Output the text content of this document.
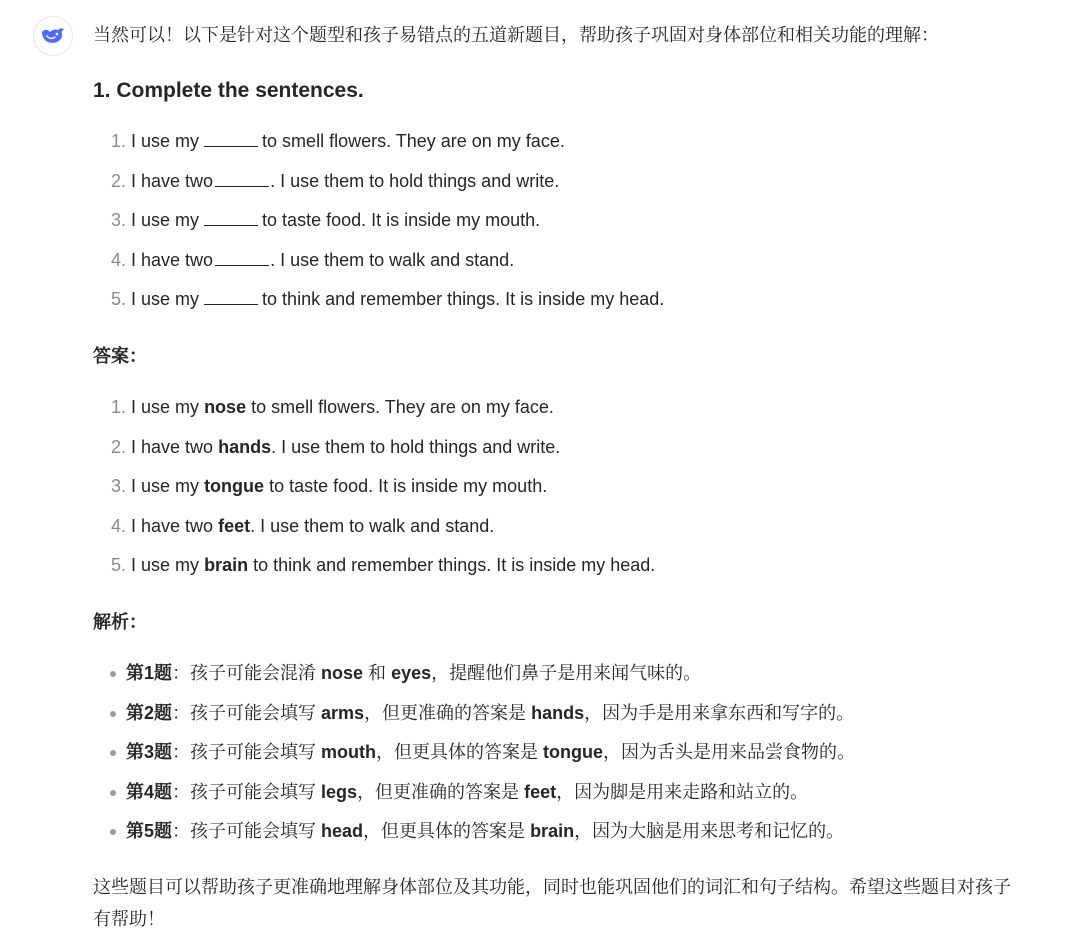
当然可以！以下是针对这个题型和孩子易错点的五道新题目，帮助孩子巩固对身体部位和相关功能的理解：

1. Complete the sentences.
1 . I use my	to smell flowers. They are on my face.
2 . I have two	. I use them to hold things and write.
3 . I use my	to taste food. It is inside my mouth.
4 . I have two	. I use them to walk and stand.
5 . I use my	to think and remember things. It is inside my head.
答案：
1 . I use my nose to smell flowers. They are on my face.
2 . I have two hands. I use them to hold things and write.
3 . I use my tongue to taste food. It is inside my mouth.
4 . I have two feet. I use them to walk and stand.
5 . I use my brain to think and remember things. It is inside my head.
解析：
第1题：孩子可能会混淆 nose 和 eyes，提醒他们鼻子是用来闻气味的。
第2题：孩子可能会填写 arms，但更准确的答案是 hands，因为手是用来拿东西和写字的。
第3题：孩子可能会填写 mouth，但更具体的答案是 tongue，因为舌头是用来品尝食物的。
第4题：孩子可能会填写 legs，但更准确的答案是 feet，因为脚是用来走路和站立的。
第5题：孩子可能会填写 head，但更具体的答案是 brain，因为大脑是用来思考和记忆的。

这些题目可以帮助孩子更准确地理解身体部位及其功能，同时也能巩固他们的词汇和句子结构。希望这些题目对孩子有帮助！
